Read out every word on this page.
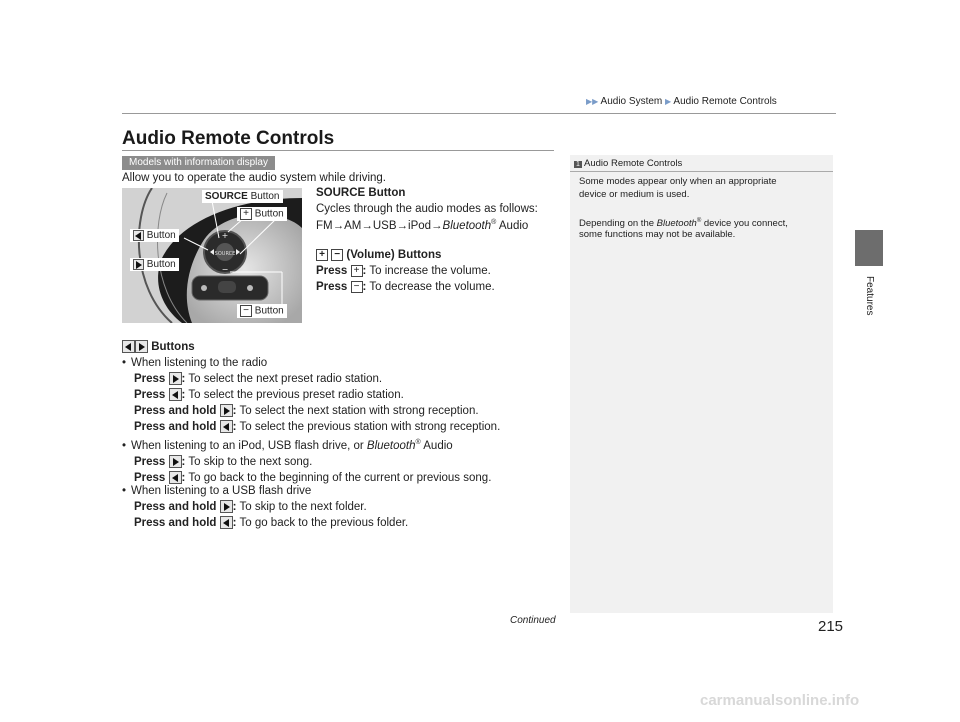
▶▶ Audio System ▶ Audio Remote Controls
Features
Audio Remote Controls
Models with information display
Allow you to operate the audio system while driving.
SOURCE
+
−
SOURCE Button
+ Button
Button
Button
− Button
SOURCE Button
Cycles through the audio modes as follows:
FM→AM→USB→iPod→Bluetooth® Audio
+ − (Volume) Buttons
Press + : To increase the volume.
Press − : To decrease the volume.
Buttons
• When listening to the radio
Press
: To select the next preset radio station.
Press
: To select the previous preset radio station.
Press and hold
: To select the next station with strong reception.
Press and hold
: To select the previous station with strong reception.
• When listening to an iPod, USB flash drive, or Bluetooth® Audio
Press
: To skip to the next song.
Press
: To go back to the beginning of the current or previous song.
• When listening to a USB flash drive
Press and hold
: To skip to the next folder.
Press and hold
: To go back to the previous folder.
1 Audio Remote Controls
Some modes appear only when an appropriate
device or medium is used.
Depending on the Bluetooth® device you connect,
some functions may not be available.
Continued	215
carmanualsonline.info
